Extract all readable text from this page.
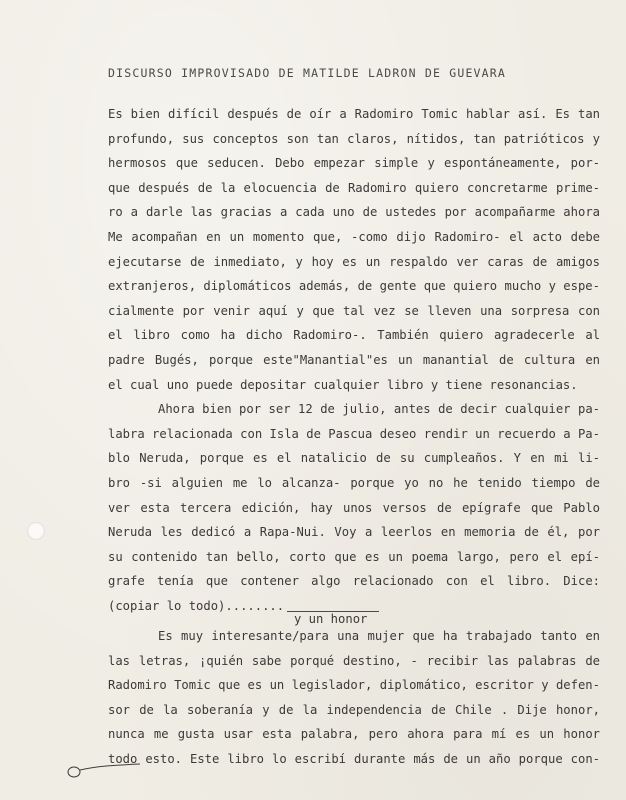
DISCURSO IMPROVISADO DE MATILDE LADRON DE GUEVARA
Es bien difícil después de oír a Radomiro Tomic hablar así. Es tan
profundo, sus conceptos son tan claros, nítidos, tan patrióticos y
hermosos que seducen. Debo empezar simple y espontáneamente, por-
que después de la elocuencia de Radomiro quiero concretarme prime-
ro a darle las gracias a cada uno de ustedes por acompañarme ahora
Me acompañan en un momento que, -como dijo Radomiro- el acto debe
ejecutarse de inmediato, y hoy es un respaldo ver caras de amigos
extranjeros, diplomáticos además, de gente que quiero mucho y espe-
cialmente por venir aquí y que tal vez se lleven una sorpresa con
el libro como ha dicho Radomiro-. También quiero agradecerle al
padre Bugés, porque este"Manantial"es un manantial de cultura en
el cual uno puede depositar cualquier libro y tiene resonancias.
Ahora bien por ser 12 de julio, antes de decir cualquier pa-
labra relacionada con Isla de Pascua deseo rendir un recuerdo a Pa-
blo Neruda, porque es el natalicio de su cumpleaños. Y en mi li-
bro -si alguien me lo alcanza- porque yo no he tenido tiempo de
ver esta tercera edición, hay unos versos de epígrafe que Pablo
Neruda les dedicó a Rapa-Nui. Voy a leerlos en memoria de él, por
su contenido tan bello, corto que es un poema largo, pero el epí-
grafe tenía que contener algo relacionado con el libro. Dice:
(copiar lo todo)........
y un honor
Es muy interesante/para una mujer que ha trabajado tanto en
las letras, ¡quién sabe porqué destino, - recibir las palabras de
Radomiro Tomic que es un legislador, diplomático, escritor y defen-
sor de la soberanía y de la independencia de Chile . Dije honor,
nunca me gusta usar esta palabra, pero ahora para mí es un honor
todo esto. Este libro lo escribí durante más de un año porque con-
